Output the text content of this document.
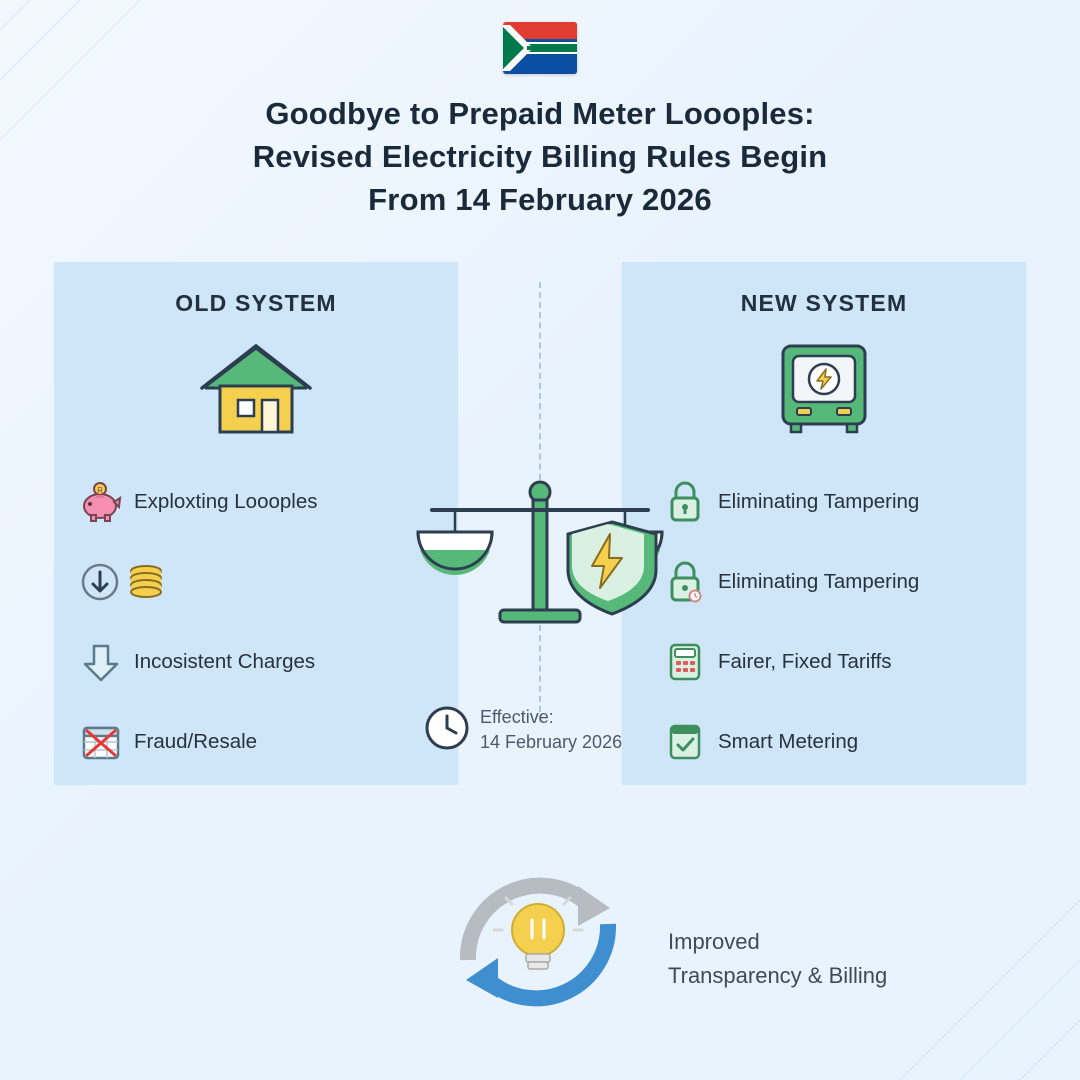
Goodbye to Prepaid Meter Loooples:
Revised Electricity Billing Rules Begin
From 14 February 2026
OLD SYSTEM
R Exploxting Loooples
Incosistent Charges
Fraud/Resale
NEW SYSTEM
Eliminating Tampering
Eliminating Tampering
Fairer, Fixed Tariffs
Smart Metering
Effective:
14 February 2026
Improved
Transparency & Billing
